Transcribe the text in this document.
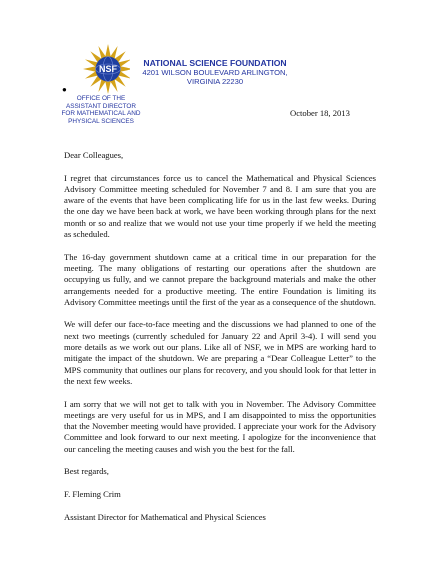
NSF
●
OFFICE OF THE
ASSISTANT DIRECTOR
FOR MATHEMATICAL AND
PHYSICAL SCIENCES
NATIONAL SCIENCE FOUNDATION
4201 WILSON BOULEVARD ARLINGTON,
VIRGINIA 22230
October 18, 2013

Dear Colleagues,

I regret that circumstances force us to cancel the Mathematical and Physical Sciences Advisory Committee meeting scheduled for November 7 and 8. I am sure that you are aware of the events that have been complicating life for us in the last few weeks. During the one day we have been back at work, we have been working through plans for the next month or so and realize that we would not use your time properly if we held the meeting as scheduled.

The 16-day government shutdown came at a critical time in our preparation for the meeting. The many obligations of restarting our operations after the shutdown are occupying us fully, and we cannot prepare the background materials and make the other arrangements needed for a productive meeting. The entire Foundation is limiting its Advisory Committee meetings until the first of the year as a consequence of the shutdown.

We will defer our face-to-face meeting and the discussions we had planned to one of the next two meetings (currently scheduled for January 22 and April 3-4). I will send you more details as we work out our plans. Like all of NSF, we in MPS are working hard to mitigate the impact of the shutdown. We are preparing a “Dear Colleague Letter” to the MPS community that outlines our plans for recovery, and you should look for that letter in the next few weeks.

I am sorry that we will not get to talk with you in November. The Advisory Committee meetings are very useful for us in MPS, and I am disappointed to miss the opportunities that the November meeting would have provided. I appreciate your work for the Advisory Committee and look forward to our next meeting. I apologize for the inconvenience that our canceling the meeting causes and wish you the best for the fall.

Best regards,

F. Fleming Crim

Assistant Director for Mathematical and Physical Sciences
